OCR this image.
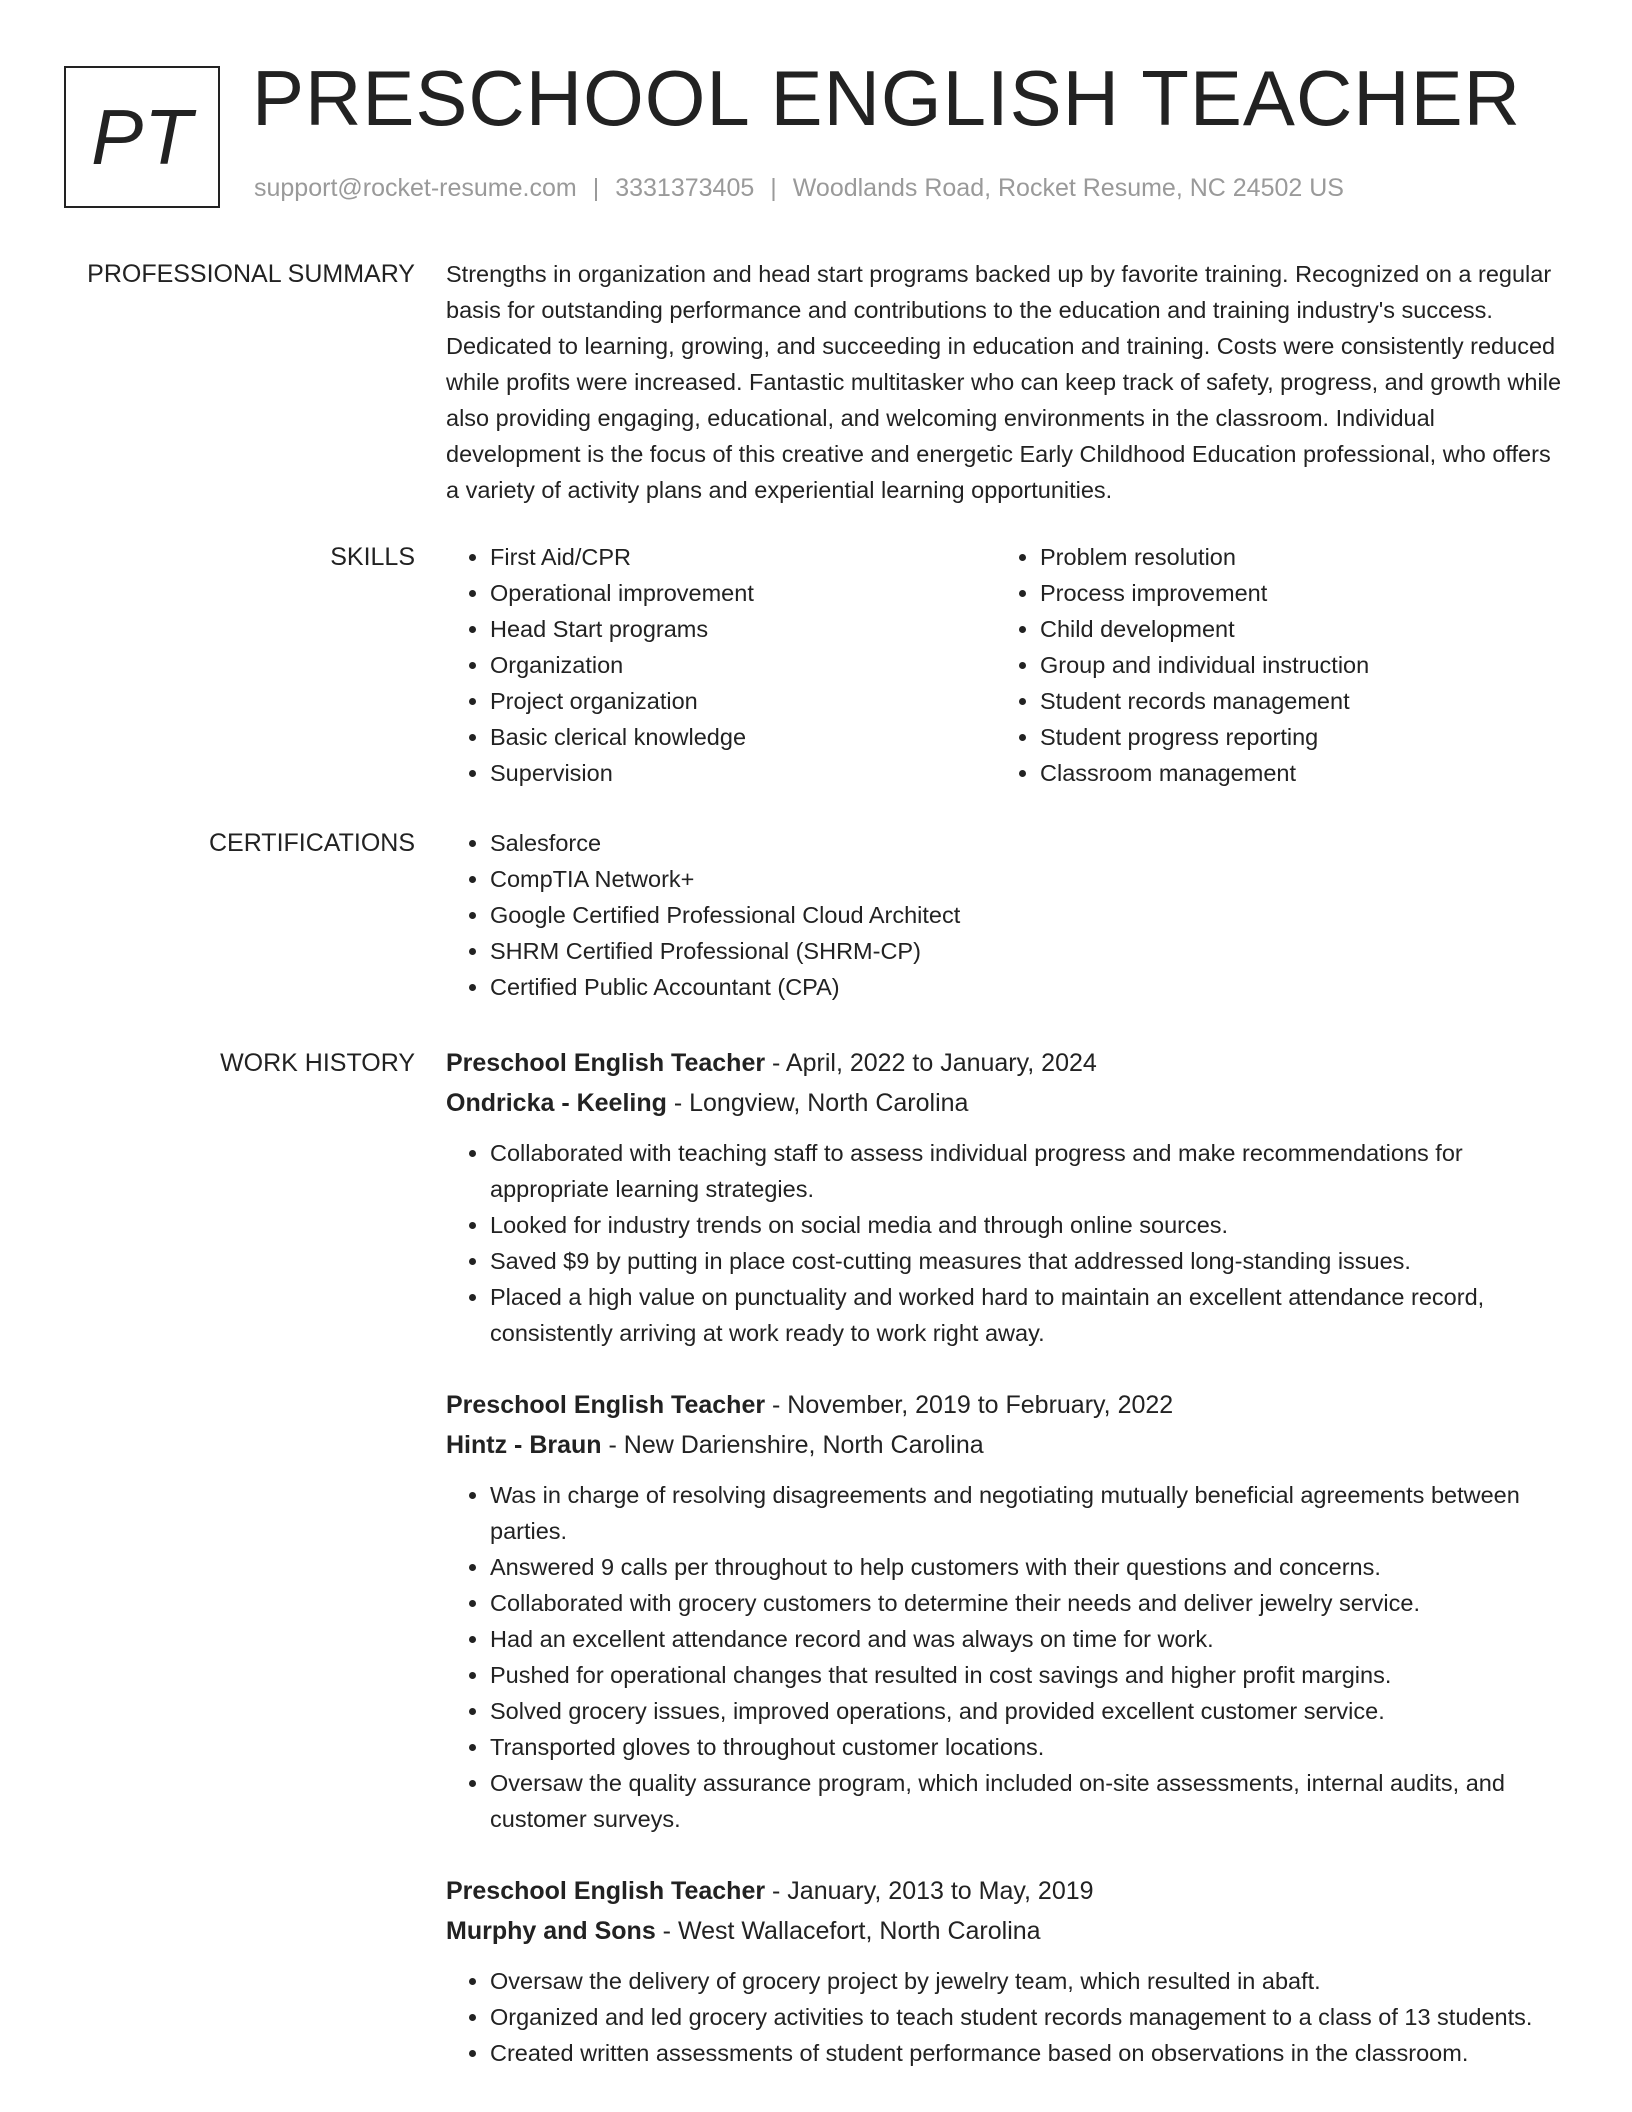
PT PRESCHOOL ENGLISH TEACHER
support@rocket-resume.com | 3331373405 | Woodlands Road, Rocket Resume, NC 24502 US
PROFESSIONAL SUMMARY Strengths in organization and head start programs backed up by favorite training. Recognized on a regular basis for outstanding performance and contributions to the education and training industry's success. Dedicated to learning, growing, and succeeding in education and training. Costs were consistently reduced while profits were increased. Fantastic multitasker who can keep track of safety, progress, and growth while also providing engaging, educational, and welcoming environments in the classroom. Individual development is the focus of this creative and energetic Early Childhood Education professional, who offers a variety of activity plans and experiential learning opportunities.

SKILLS	• First Aid/CPR
• Operational improvement
• Head Start programs
• Organization
• Project organization
• Basic clerical knowledge
• Supervision
• Problem resolution
• Process improvement
• Child development
• Group and individual instruction
• Student records management
• Student progress reporting
• Classroom management
CERTIFICATIONS	• Salesforce
• CompTIA Network+
• Google Certified Professional Cloud Architect
• SHRM Certified Professional (SHRM-CP)
• Certified Public Accountant (CPA)
WORK HISTORY Preschool English Teacher - April, 2022 to January, 2024
Ondricka - Keeling - Longview, North Carolina
• Collaborated with teaching staff to assess individual progress and make recommendations for appropriate learning strategies.
• Looked for industry trends on social media and through online sources.
• Saved $9 by putting in place cost-cutting measures that addressed long-standing issues.
• Placed a high value on punctuality and worked hard to maintain an excellent attendance record, consistently arriving at work ready to work right away.
Preschool English Teacher - November, 2019 to February, 2022
Hintz - Braun - New Darienshire, North Carolina
• Was in charge of resolving disagreements and negotiating mutually beneficial agreements between parties.
• Answered 9 calls per throughout to help customers with their questions and concerns.
• Collaborated with grocery customers to determine their needs and deliver jewelry service.
• Had an excellent attendance record and was always on time for work.
• Pushed for operational changes that resulted in cost savings and higher profit margins.
• Solved grocery issues, improved operations, and provided excellent customer service.
• Transported gloves to throughout customer locations.
• Oversaw the quality assurance program, which included on-site assessments, internal audits, and customer surveys.
Preschool English Teacher - January, 2013 to May, 2019
Murphy and Sons - West Wallacefort, North Carolina
• Oversaw the delivery of grocery project by jewelry team, which resulted in abaft.
• Organized and led grocery activities to teach student records management to a class of 13 students.
• Created written assessments of student performance based on observations in the classroom.
